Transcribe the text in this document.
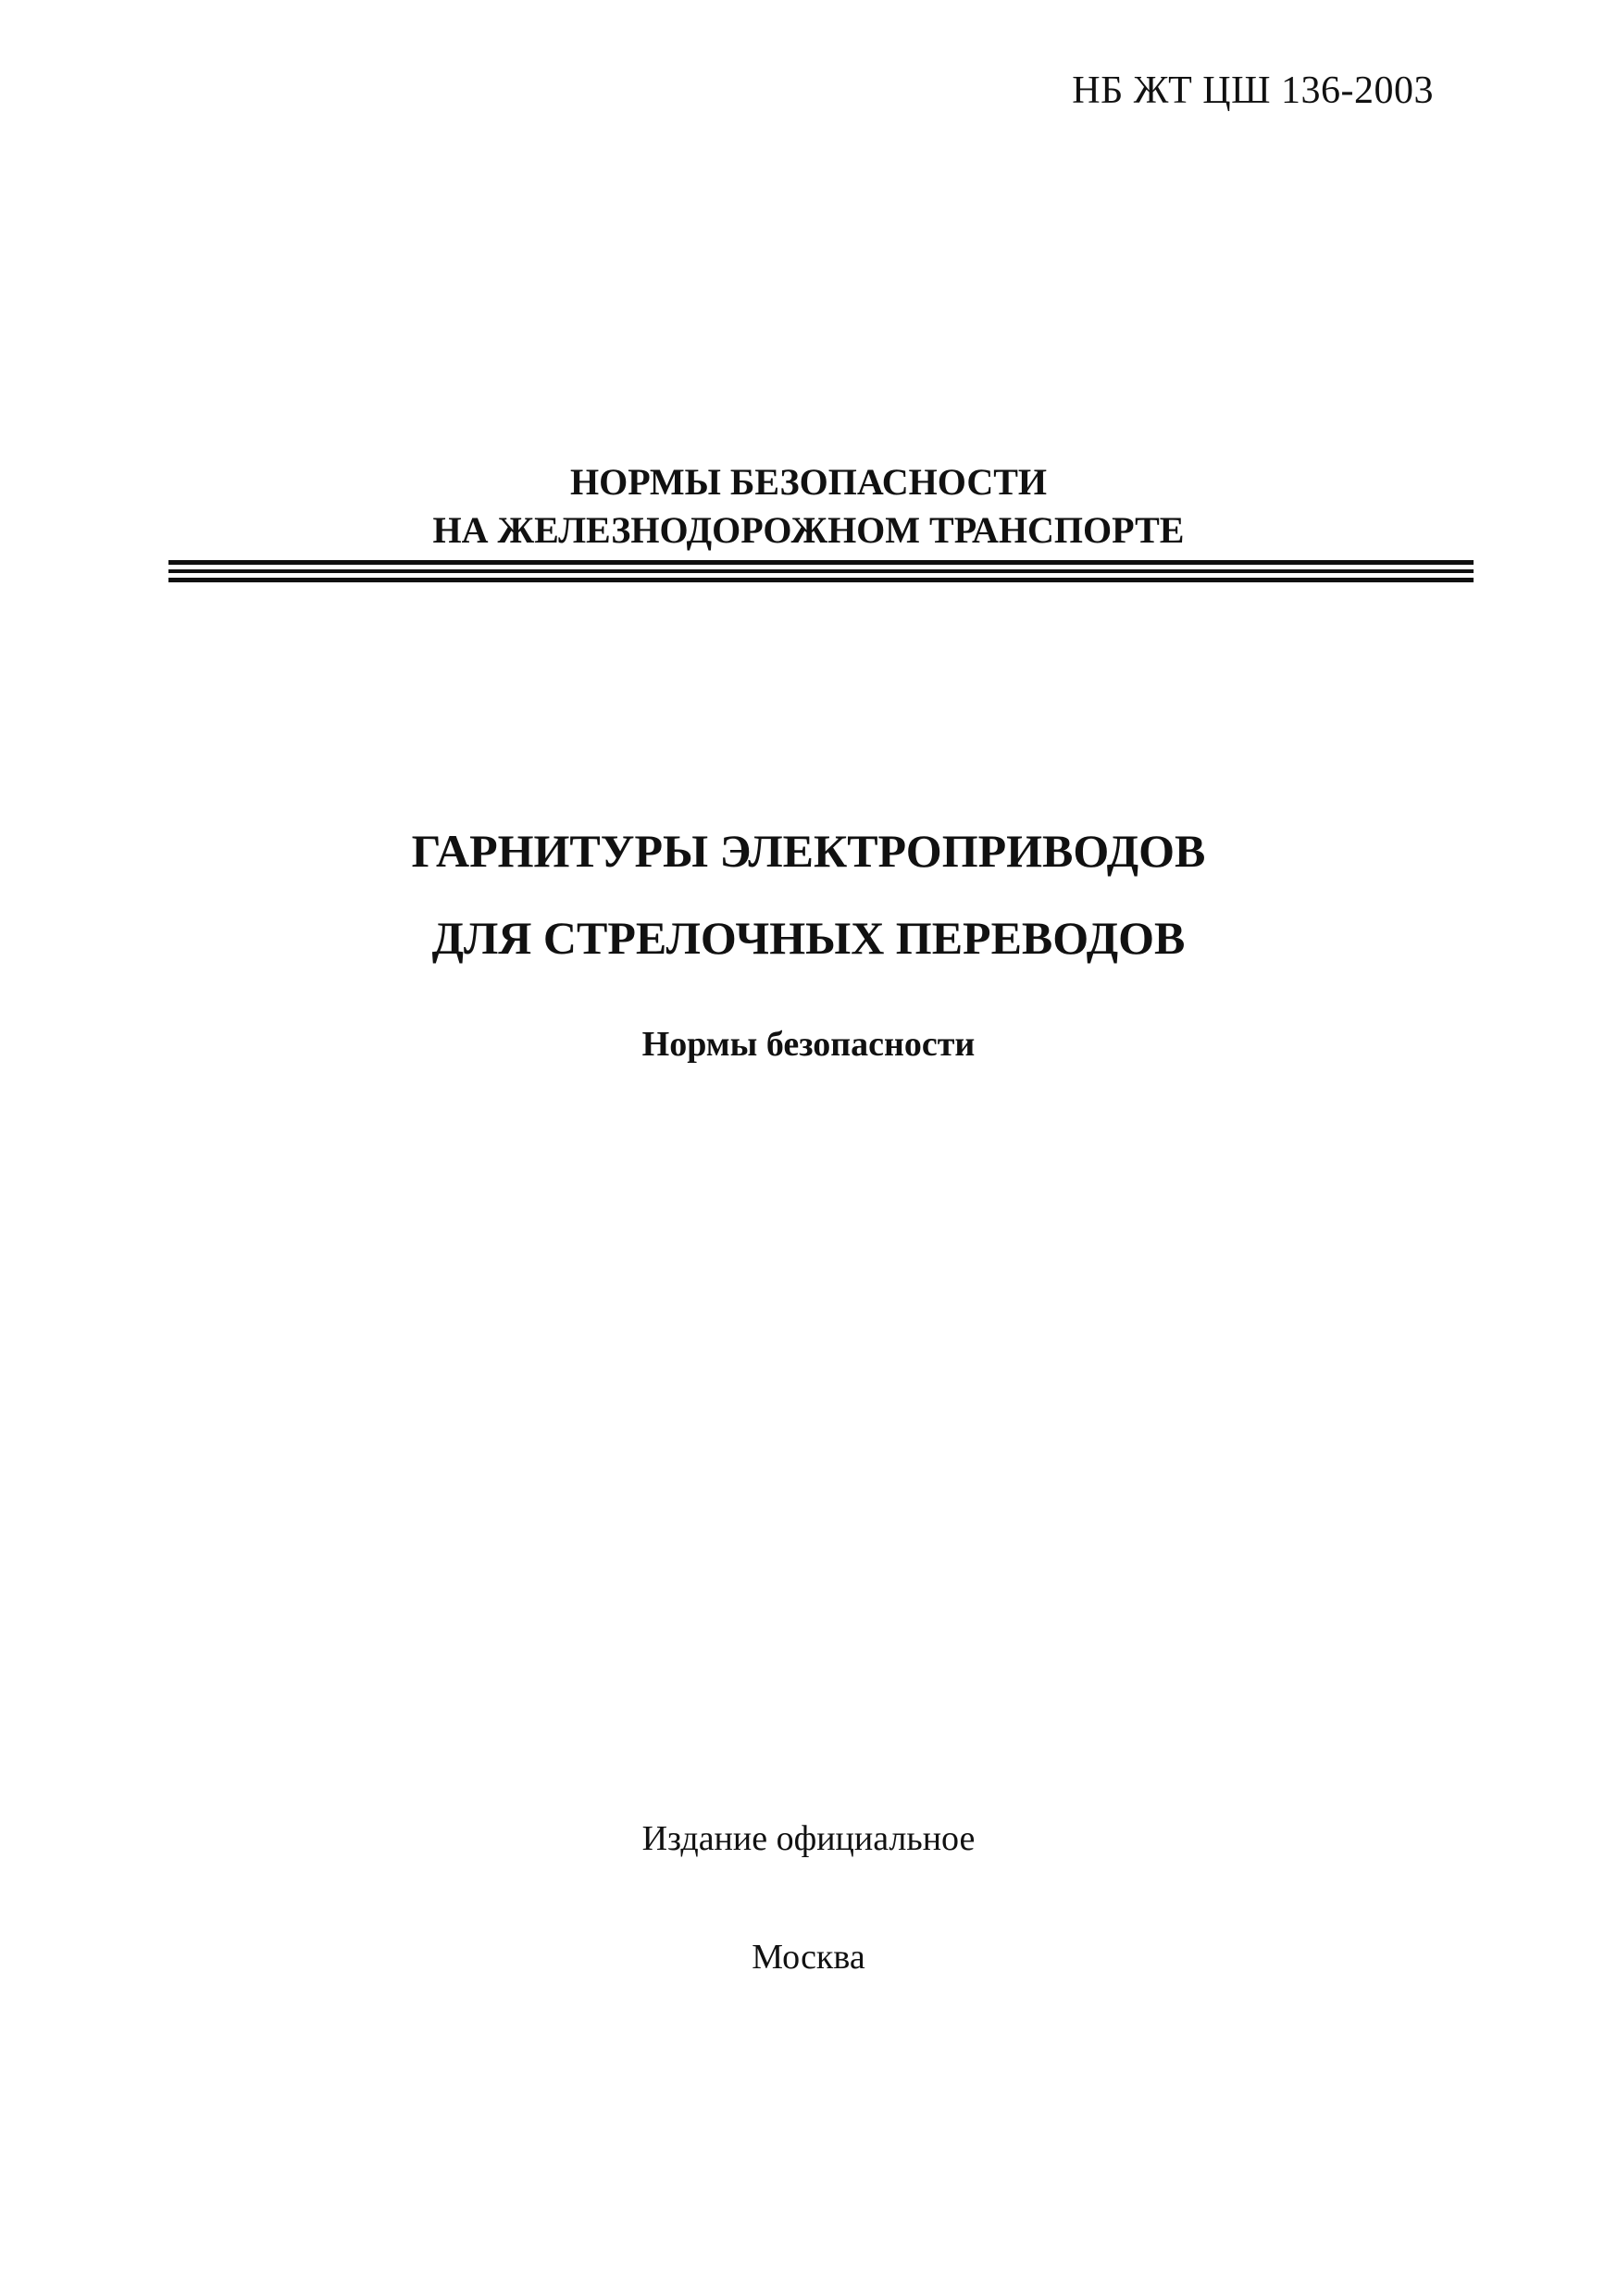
НБ ЖТ ЦШ 136-2003
НОРМЫ БЕЗОПАСНОСТИ
НА ЖЕЛЕЗНОДОРОЖНОМ ТРАНСПОРТЕ
ГАРНИТУРЫ ЭЛЕКТРОПРИВОДОВ
ДЛЯ СТРЕЛОЧНЫХ ПЕРЕВОДОВ
Нормы безопасности
Издание официальное
Москва
